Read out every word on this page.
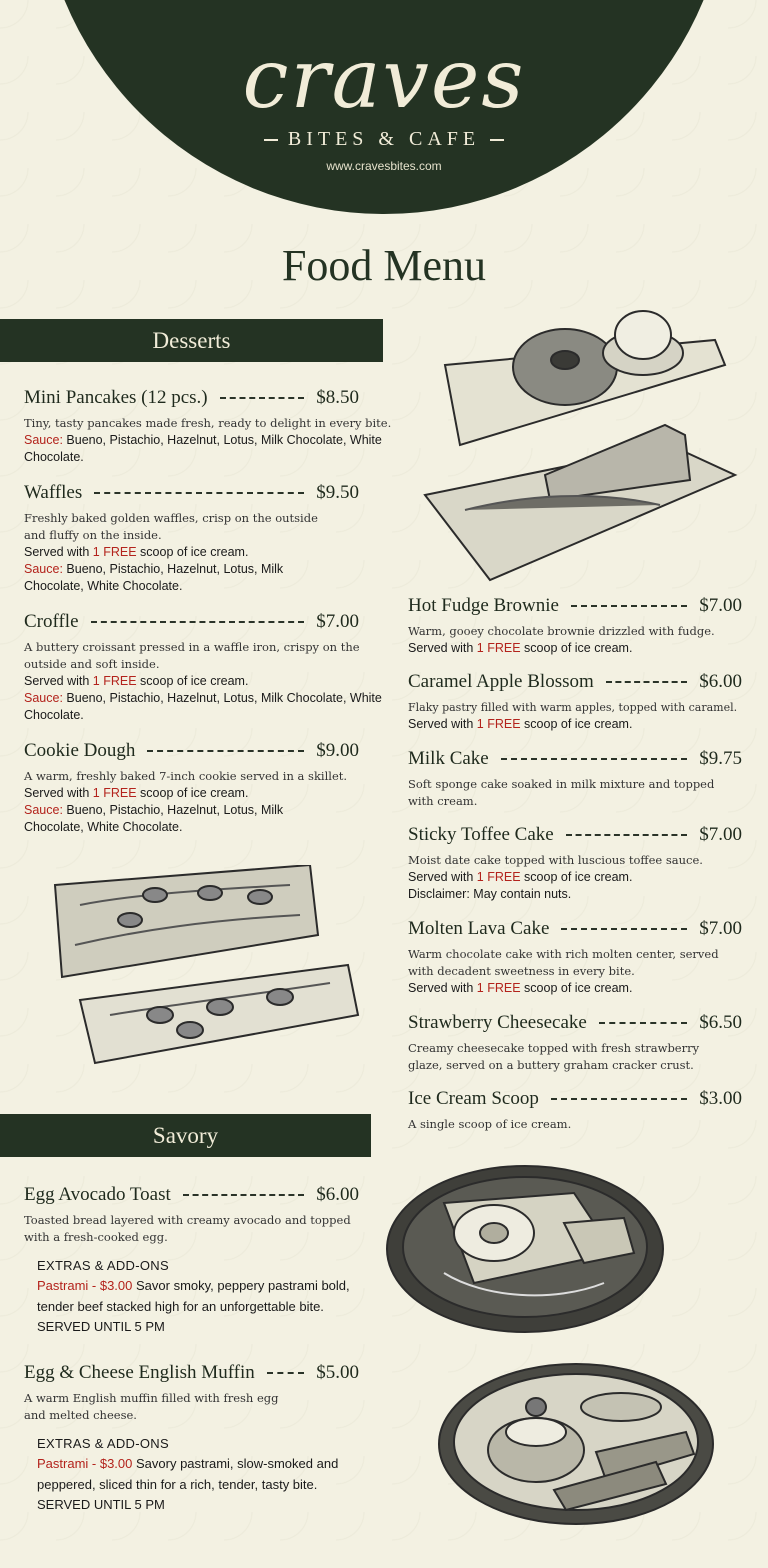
craves
BITES & CAFE
www.cravesbites.com
Food Menu
Desserts
Mini Pancakes (12 pcs.)	$8.50
Tiny, tasty pancakes made fresh, ready to delight in every bite.
Sauce: Bueno, Pistachio, Hazelnut, Lotus, Milk Chocolate, White Chocolate.
Waffles	$9.50
Freshly baked golden waffles, crisp on the outside and fluffy on the inside.
Served with 1 FREE scoop of ice cream.
Sauce: Bueno, Pistachio, Hazelnut, Lotus, Milk Chocolate, White Chocolate.
Croffle	$7.00
A buttery croissant pressed in a waffle iron, crispy on the outside and soft inside.
Served with 1 FREE scoop of ice cream.
Sauce: Bueno, Pistachio, Hazelnut, Lotus, Milk Chocolate, White Chocolate.
Cookie Dough	$9.00
A warm, freshly baked 7-inch cookie served in a skillet.
Served with 1 FREE scoop of ice cream.
Sauce: Bueno, Pistachio, Hazelnut, Lotus, Milk Chocolate, White Chocolate.
Hot Fudge Brownie	$7.00
Warm, gooey chocolate brownie drizzled with fudge.
Served with 1 FREE scoop of ice cream.
Caramel Apple Blossom	$6.00
Flaky pastry filled with warm apples, topped with caramel.
Served with 1 FREE scoop of ice cream.
Milk Cake	$9.75
Soft sponge cake soaked in milk mixture and topped with cream.
Sticky Toffee Cake	$7.00
Moist date cake topped with luscious toffee sauce.
Served with 1 FREE scoop of ice cream.
Disclaimer: May contain nuts.
Molten Lava Cake	$7.00
Warm chocolate cake with rich molten center, served with decadent sweetness in every bite.
Served with 1 FREE scoop of ice cream.
Strawberry Cheesecake	$6.50
Creamy cheesecake topped with fresh strawberry glaze, served on a buttery graham cracker crust.
Ice Cream Scoop	$3.00
A single scoop of ice cream.
Savory
Egg Avocado Toast	$6.00
Toasted bread layered with creamy avocado and topped with a fresh-cooked egg.
EXTRAS & ADD-ONS
Pastrami - $3.00 Savor smoky, peppery pastrami bold, tender beef stacked high for an unforgettable bite.
SERVED UNTIL 5 PM
Egg & Cheese English Muffin	$5.00
A warm English muffin filled with fresh egg and melted cheese.
EXTRAS & ADD-ONS
Pastrami - $3.00 Savory pastrami, slow-smoked and peppered, sliced thin for a rich, tender, tasty bite.
SERVED UNTIL 5 PM
